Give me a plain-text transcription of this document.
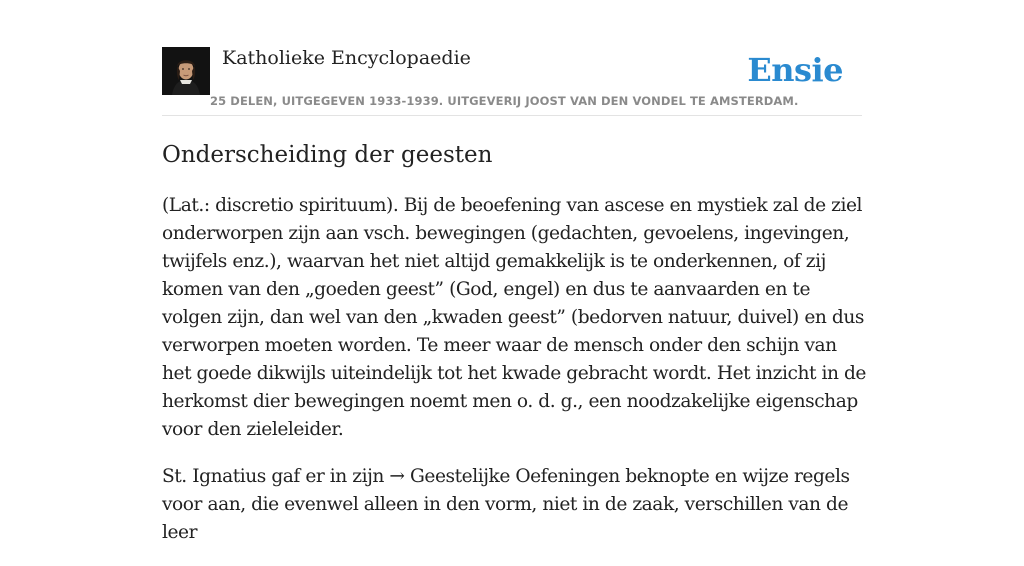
Katholieke Encyclopaedie
25 DELEN, UITGEGEVEN 1933-1939. UITGEVERIJ JOOST VAN DEN VONDEL TE AMSTERDAM.
Ensie
Onderscheiding der geesten

(Lat.: discretio spirituum). Bij de beoefening van ascese en mystiek zal de ziel onderworpen zijn aan vsch. bewegingen (gedachten, gevoelens, ingevingen, twijfels enz.), waarvan het niet altijd gemakkelijk is te onderkennen, of zij komen van den „goeden geest” (God, engel) en dus te aanvaarden en te volgen zijn, dan wel van den „kwaden geest” (bedorven natuur, duivel) en dus verworpen moeten worden. Te meer waar de mensch onder den schijn van het goede dikwijls uiteindelijk tot het kwade gebracht wordt. Het inzicht in de herkomst dier bewegingen noemt men o. d. g., een noodzakelijke eigenschap voor den zieleleider.

St. Ignatius gaf er in zijn → Geestelijke Oefeningen beknopte en wijze regels voor aan, die evenwel alleen in den vorm, niet in de zaak, verschillen van de leer
